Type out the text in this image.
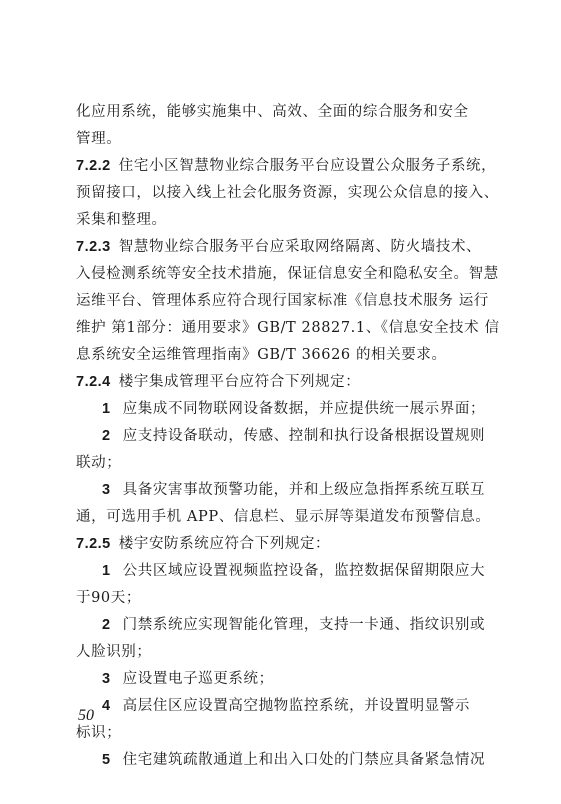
化应用系统，能够实施集中、高效、全面的综合服务和安全
管理。
7.2.2 住宅小区智慧物业综合服务平台应设置公众服务子系统，
预留接口，以接入线上社会化服务资源，实现公众信息的接入、
采集和整理。
7.2.3 智慧物业综合服务平台应采取网络隔离、防火墙技术、
入侵检测系统等安全技术措施，保证信息安全和隐私安全。智慧
运维平台、管理体系应符合现行国家标准《信息技术服务 运行
维护 第1部分：通用要求》GB/T 28827.1、《信息安全技术 信
息系统安全运维管理指南》GB/T 36626 的相关要求。
7.2.4 楼宇集成管理平台应符合下列规定：
1 应集成不同物联网设备数据，并应提供统一展示界面；
2 应支持设备联动，传感、控制和执行设备根据设置规则
联动；
3 具备灾害事故预警功能，并和上级应急指挥系统互联互
通，可选用手机 APP、信息栏、显示屏等渠道发布预警信息。
7.2.5 楼宇安防系统应符合下列规定：
1 公共区域应设置视频监控设备，监控数据保留期限应大
于90天；
2 门禁系统应实现智能化管理，支持一卡通、指纹识别或
人脸识别；
3 应设置电子巡更系统；
4 高层住区应设置高空抛物监控系统，并设置明显警示
标识；
5 住宅建筑疏散通道上和出入口处的门禁应具备紧急情况
50
